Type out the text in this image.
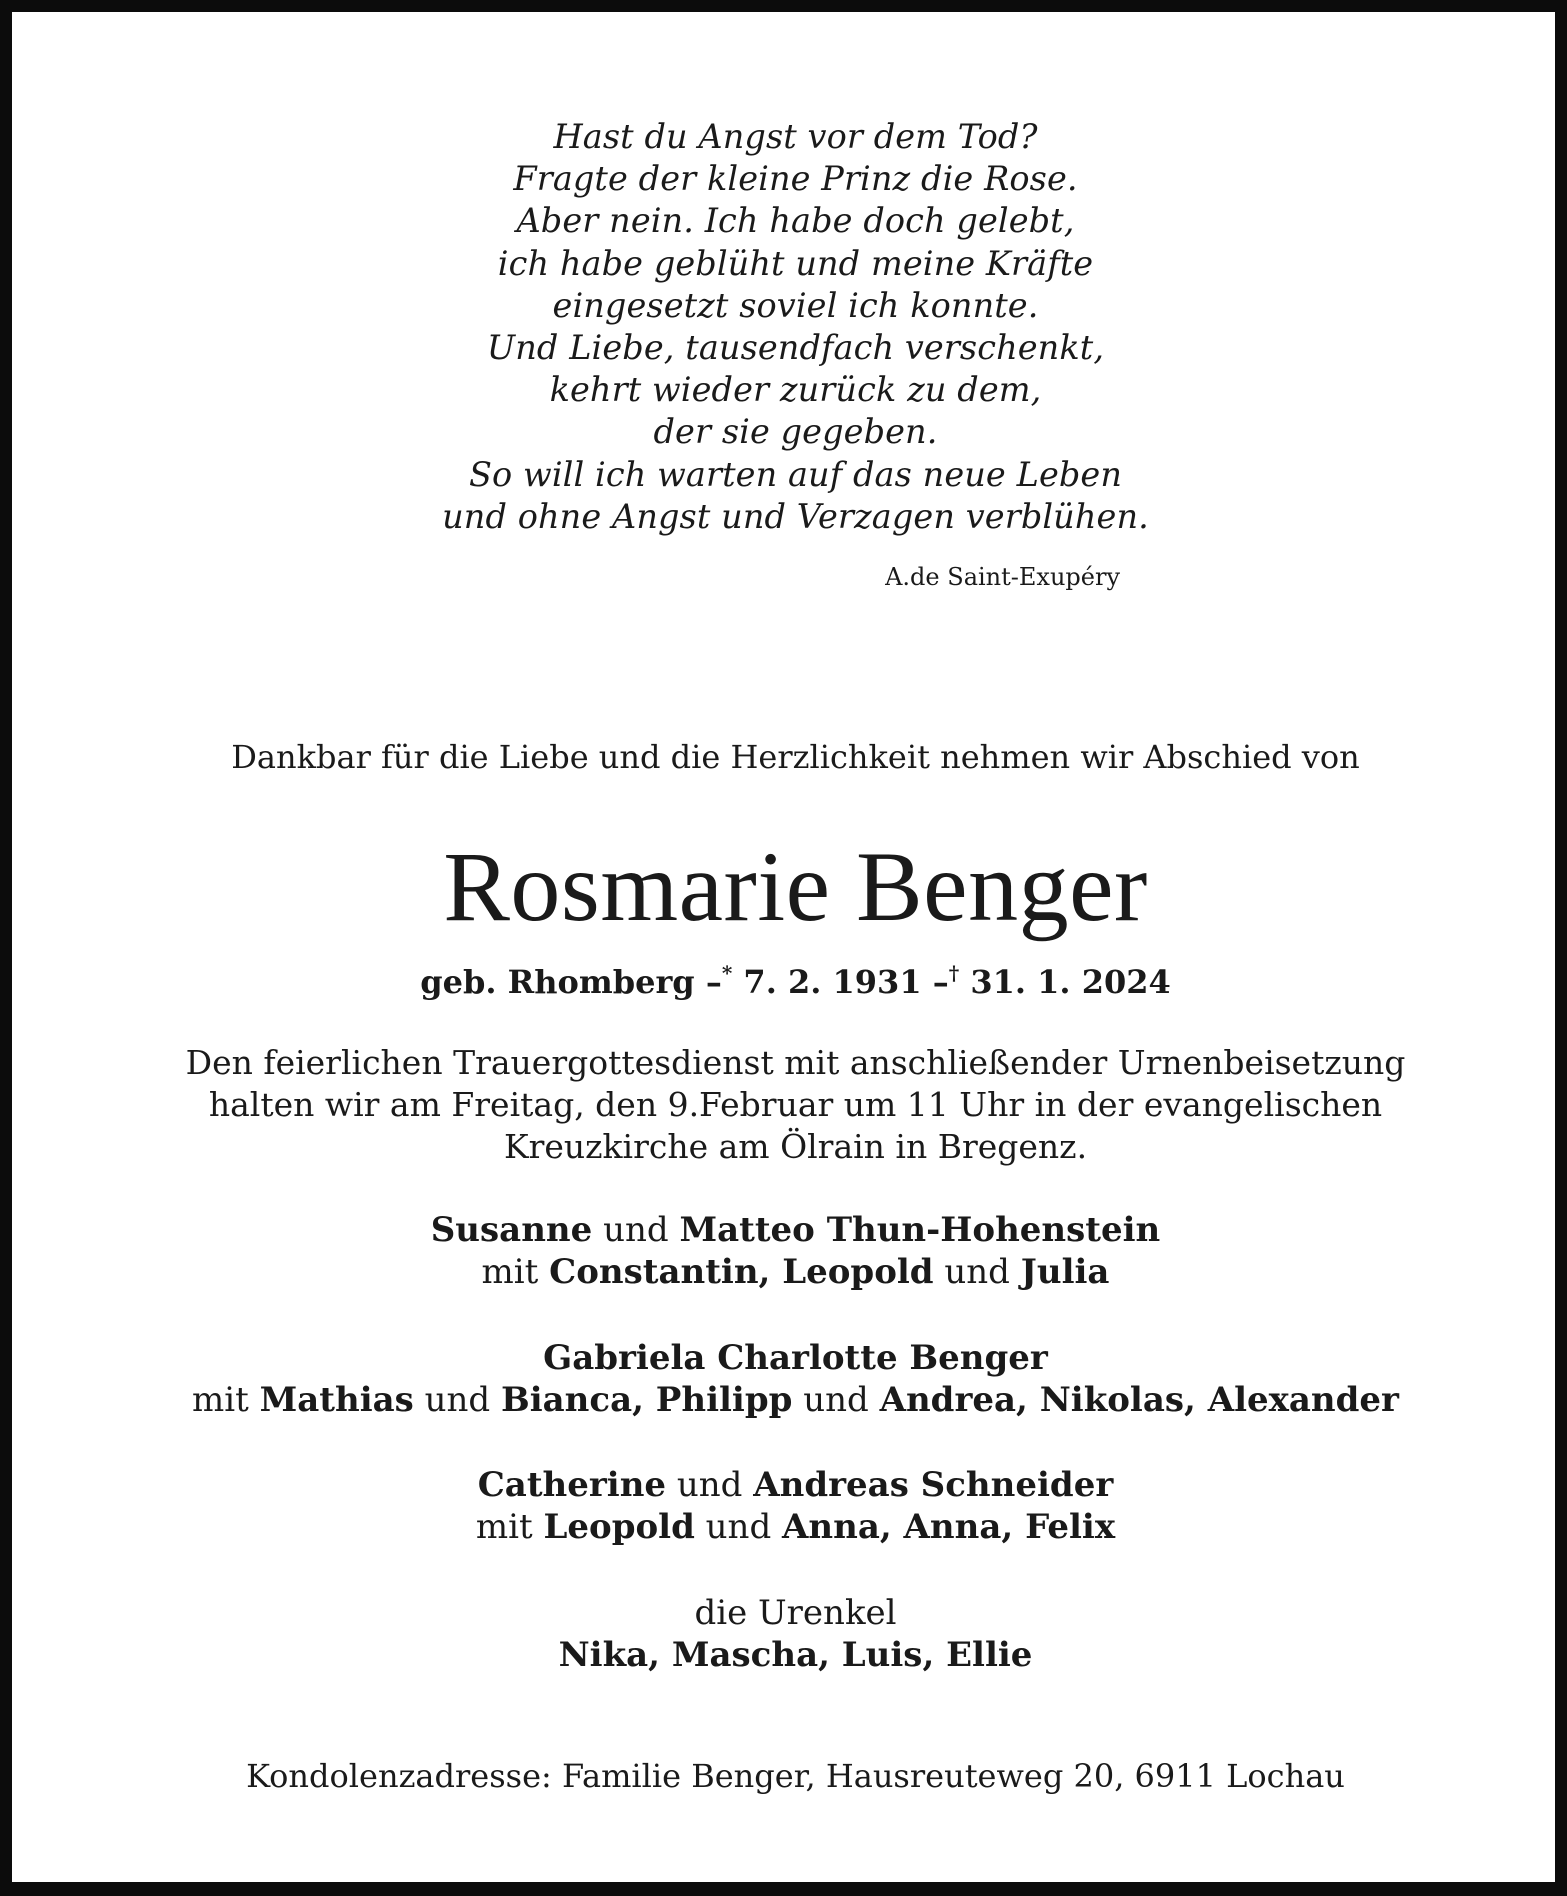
Hast du Angst vor dem Tod?
Fragte der kleine Prinz die Rose.
Aber nein. Ich habe doch gelebt,
ich habe geblüht und meine Kräfte
eingesetzt soviel ich konnte.
Und Liebe, tausendfach verschenkt,
kehrt wieder zurück zu dem,
der sie gegeben.
So will ich warten auf das neue Leben
und ohne Angst und Verzagen verblühen.
A.de Saint-Exupéry
Dankbar für die Liebe und die Herzlichkeit nehmen wir Abschied von
Rosmarie Benger
geb. Rhomberg –* 7. 2. 1931 –† 31. 1. 2024
Den feierlichen Trauergottesdienst mit anschließender Urnenbeisetzung
halten wir am Freitag, den 9.Februar um 11 Uhr in der evangelischen
Kreuzkirche am Ölrain in Bregenz.
Susanne und Matteo Thun-Hohenstein
mit Constantin, Leopold und Julia
Gabriela Charlotte Benger
mit Mathias und Bianca, Philipp und Andrea, Nikolas, Alexander
Catherine und Andreas Schneider
mit Leopold und Anna, Anna, Felix
die Urenkel
Nika, Mascha, Luis, Ellie
Kondolenzadresse: Familie Benger, Hausreuteweg 20, 6911 Lochau
